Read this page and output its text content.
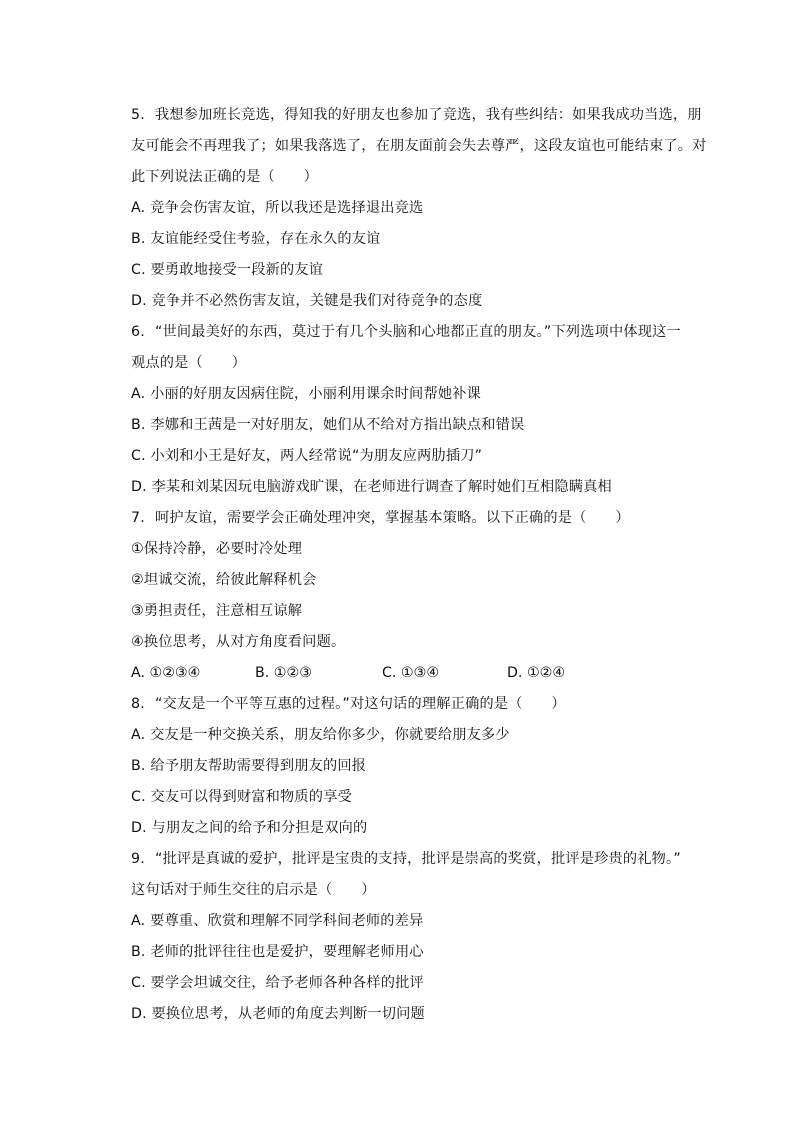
5. 我想参加班长竞选，得知我的好朋友也参加了竞选，我有些纠结：如果我成功当选，朋
友可能会不再理我了；如果我落选了，在朋友面前会失去尊严，这段友谊也可能结束了。对
此下列说法正确的是（　　）
A. 竞争会伤害友谊，所以我还是选择退出竞选
B. 友谊能经受住考验，存在永久的友谊
C. 要勇敢地接受一段新的友谊
D. 竞争并不必然伤害友谊，关键是我们对待竞争的态度
6. “世间最美好的东西，莫过于有几个头脑和心地都正直的朋友。”下列选项中体现这一
观点的是（　　）
A. 小丽的好朋友因病住院，小丽利用课余时间帮她补课
B. 李娜和王茜是一对好朋友，她们从不给对方指出缺点和错误
C. 小刘和小王是好友，两人经常说“为朋友应两肋插刀”
D. 李某和刘某因玩电脑游戏旷课，在老师进行调查了解时她们互相隐瞒真相
7. 呵护友谊，需要学会正确处理冲突，掌握基本策略。以下正确的是（　　）
①保持冷静，必要时冷处理
②坦诚交流，给彼此解释机会
③勇担责任，注意相互谅解
④换位思考，从对方角度看问题。
A. ①②③④	B. ①②③	C. ①③④	D. ①②④
8. “交友是一个平等互惠的过程。”对这句话的理解正确的是（　　）
A. 交友是一种交换关系，朋友给你多少，你就要给朋友多少
B. 给予朋友帮助需要得到朋友的回报
C. 交友可以得到财富和物质的享受
D. 与朋友之间的给予和分担是双向的
9. “批评是真诚的爱护，批评是宝贵的支持，批评是崇高的奖赏，批评是珍贵的礼物。”
这句话对于师生交往的启示是（　　）
A. 要尊重、欣赏和理解不同学科间老师的差异
B. 老师的批评往往也是爱护，要理解老师用心
C. 要学会坦诚交往，给予老师各种各样的批评
D. 要换位思考，从老师的角度去判断一切问题
